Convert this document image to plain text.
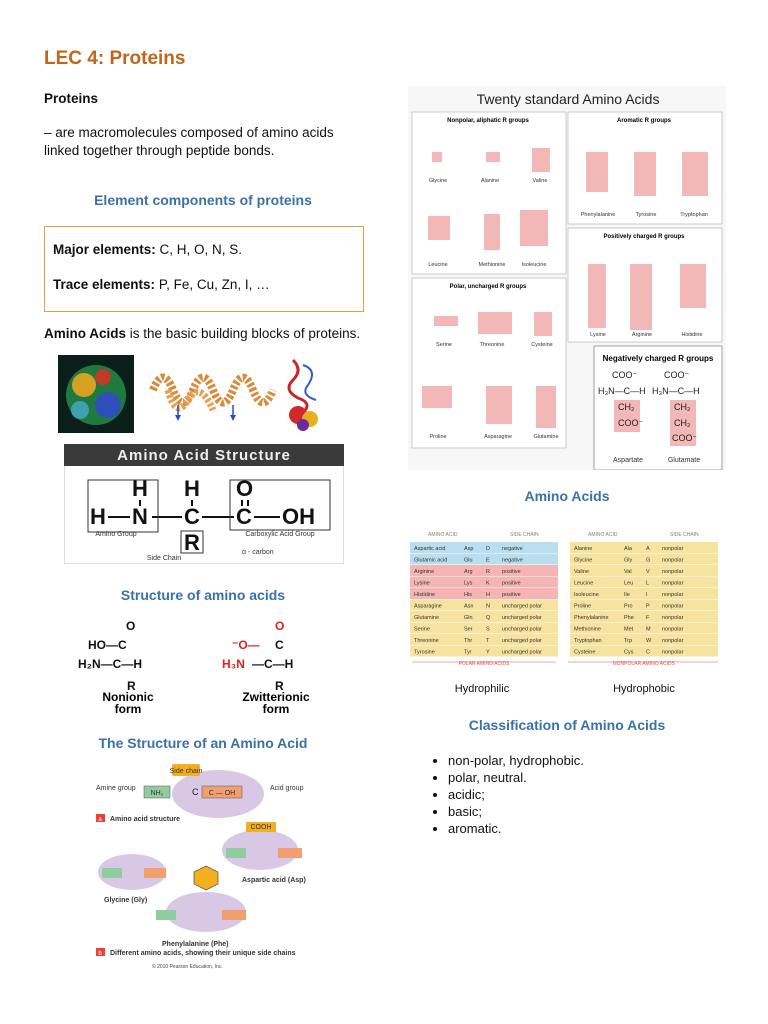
LEC 4: Proteins
Proteins
– are macromolecules composed of amino acids
linked together through peptide bonds.
Element components of proteins
Major elements: C, H, O, N, S.
Trace elements: P, Fe, Cu, Zn, I, …
Amino Acids is the basic building blocks of proteins.
Amino Acid Structure
H H O
H N C C OH
R
Amino Group	Carboxylic Acid Group
Side Chain
α - carbon
Structure of amino acids
O
HO—C
H₂N—C—H
R
O
⁻O—
H₃N
C
—C—H
R
Nonionic form
Zwitterionic form
The Structure of an Amino Acid
Side chain
NH₂	C C — OH
Amine group	Acid group
a Amino acid structure
COOH
Aspartic acid (Asp)
Glycine (Gly)
Phenylalanine (Phe)
b Different amino acids, showing their unique side chains
© 2010 Pearson Education, Inc.
Twenty standard Amino Acids
Nonpolar, aliphatic R groups
Glycine	Alanine	Valine
Leucine	Methionine	Isoleucine
Aromatic R groups
Phenylalanine	Tyrosine	Tryptophan
Polar, uncharged R groups
Serine	Threonine	Cysteine
Proline	Asparagine	Glutamine
Positively charged R groups
Lysine	Arginine	Histidine
Negatively charged R groups
COO⁻	COO⁻
H₃N—C—H H₃N—C—H
CH₂
COO⁻
CH₂
CH₂
COO⁻
Aspartate	Glutamate
Amino Acids
AMINO ACID	SIDE CHAIN	AMINO ACID	SIDE CHAIN
Aspartic acid	Asp D negative
Glutamic acid	Glu E negative
Arginine	Arg R positive
Lysine	Lys K positive
Histidine	His	H positive
Asparagine	Asn N uncharged polar
Glutamine	Gln Q uncharged polar
Serine	Ser S uncharged polar
Threonine	Thr	T uncharged polar
Tyrosine	Tyr	Y uncharged polar
Alanine	Ala	A nonpolar
Glycine	Gly	G nonpolar
Valine	Val	V nonpolar
Leucine	Leu L nonpolar
Isoleucine	Ile	I	nonpolar
Proline	Pro P nonpolar
Phenylalanine	Phe F nonpolar
Methionine	Met M nonpolar
Tryptophan	Trp	W nonpolar
Cysteine	Cys C nonpolar
POLAR AMINO ACIDS	NONPOLAR AMINO ACIDS
Hydrophilic	Hydrophobic
Classification of Amino Acids
• non-polar, hydrophobic.
• polar, neutral.
• acidic;
• basic;
• aromatic.
